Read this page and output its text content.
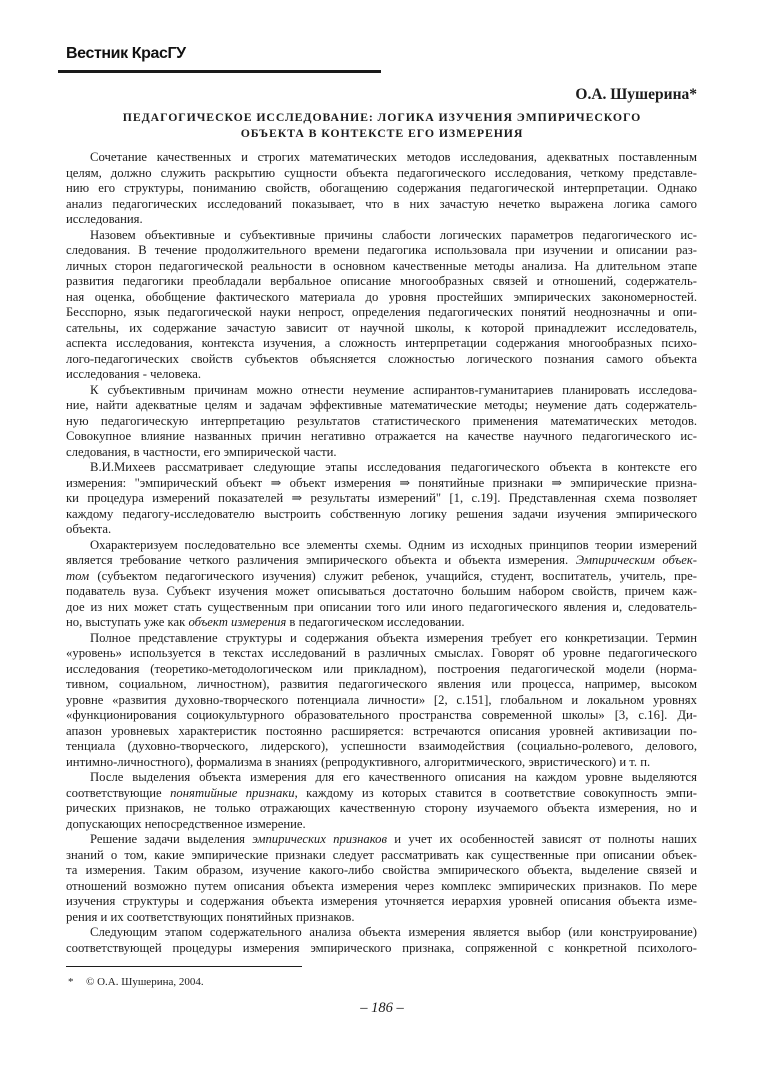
Вестник КрасГУ
О.А. Шушерина*
ПЕДАГОГИЧЕСКОЕ ИССЛЕДОВАНИЕ: ЛОГИКА ИЗУЧЕНИЯ ЭМПИРИЧЕСКОГО
ОБЪЕКТА В КОНТЕКСТЕ ЕГО ИЗМЕРЕНИЯ
Сочетание качественных и строгих математических методов исследования, адекватных поставленным
целям, должно служить раскрытию сущности объекта педагогического исследования, четкому представле-
нию его структуры, пониманию свойств, обогащению содержания педагогической интерпретации. Однако
анализ педагогических исследований показывает, что в них зачастую нечетко выражена логика самого
исследования.
Назовем объективные и субъективные причины слабости логических параметров педагогического ис-
следования. В течение продолжительного времени педагогика использовала при изучении и описании раз-
личных сторон педагогической реальности в основном качественные методы анализа. На длительном этапе
развития педагогики преобладали вербальное описание многообразных связей и отношений, содержатель-
ная оценка, обобщение фактического материала до уровня простейших эмпирических закономерностей.
Бесспорно, язык педагогической науки непрост, определения педагогических понятий неоднозначны и опи-
сательны, их содержание зачастую зависит от научной школы, к которой принадлежит исследователь,
аспекта исследования, контекста изучения, а сложность интерпретации содержания многообразных психо-
лого-педагогических свойств субъектов объясняется сложностью логического познания самого объекта
исследования - человека.
К субъективным причинам можно отнести неумение аспирантов-гуманитариев планировать исследова-
ние, найти адекватные целям и задачам эффективные математические методы; неумение дать содержатель-
ную педагогическую интерпретацию результатов статистического применения математических методов.
Совокупное влияние названных причин негативно отражается на качестве научного педагогического ис-
следования, в частности, его эмпирической части.
В.И.Михеев рассматривает следующие этапы исследования педагогического объекта в контексте его
измерения: "эмпирический объект ⇒ объект измерения ⇒ понятийные признаки ⇒ эмпирические призна-
ки процедура измерений показателей ⇒ результаты измерений" [1, с.19]. Представленная схема позволяет
каждому педагогу-исследователю выстроить собственную логику решения задачи изучения эмпирического
объекта.
Охарактеризуем последовательно все элементы схемы. Одним из исходных принципов теории измерений
является требование четкого различения эмпирического объекта и объекта измерения. Эмпирическим объек-
том (субъектом педагогического изучения) служит ребенок, учащийся, студент, воспитатель, учитель, пре-
подаватель вуза. Субъект изучения может описываться достаточно большим набором свойств, причем каж-
дое из них может стать существенным при описании того или иного педагогического явления и, следователь-
но, выступать уже как объект измерения в педагогическом исследовании.
Полное представление структуры и содержания объекта измерения требует его конкретизации. Термин
«уровень» используется в текстах исследований в различных смыслах. Говорят об уровне педагогического
исследования (теоретико-методологическом или прикладном), построения педагогической модели (норма-
тивном, социальном, личностном), развития педагогического явления или процесса, например, высоком
уровне «развития духовно-творческого потенциала личности» [2, с.151], глобальном и локальном уровнях
«функционирования социокультурного образовательного пространства современной школы» [3, с.16]. Ди-
апазон уровневых характеристик постоянно расширяется: встречаются описания уровней активизации по-
тенциала (духовно-творческого, лидерского), успешности взаимодействия (социально-ролевого, делового,
интимно-личностного), формализма в знаниях (репродуктивного, алгоритмического, эвристического) и т. п.
После выделения объекта измерения для его качественного описания на каждом уровне выделяются
соответствующие понятийные признаки, каждому из которых ставится в соответствие совокупность эмпи-
рических признаков, не только отражающих качественную сторону изучаемого объекта измерения, но и
допускающих непосредственное измерение.
Решение задачи выделения эмпирических признаков и учет их особенностей зависят от полноты наших
знаний о том, какие эмпирические признаки следует рассматривать как существенные при описании объек-
та измерения. Таким образом, изучение какого-либо свойства эмпирического объекта, выделение связей и
отношений возможно путем описания объекта измерения через комплекс эмпирических признаков. По мере
изучения структуры и содержания объекта измерения уточняется иерархия уровней описания объекта изме-
рения и их соответствующих понятийных признаков.
Следующим этапом содержательного анализа объекта измерения является выбор (или конструирование)
соответствующей процедуры измерения эмпирического признака, сопряженной с конкретной психолого-
* © О.А. Шушерина, 2004.
– 186 –
